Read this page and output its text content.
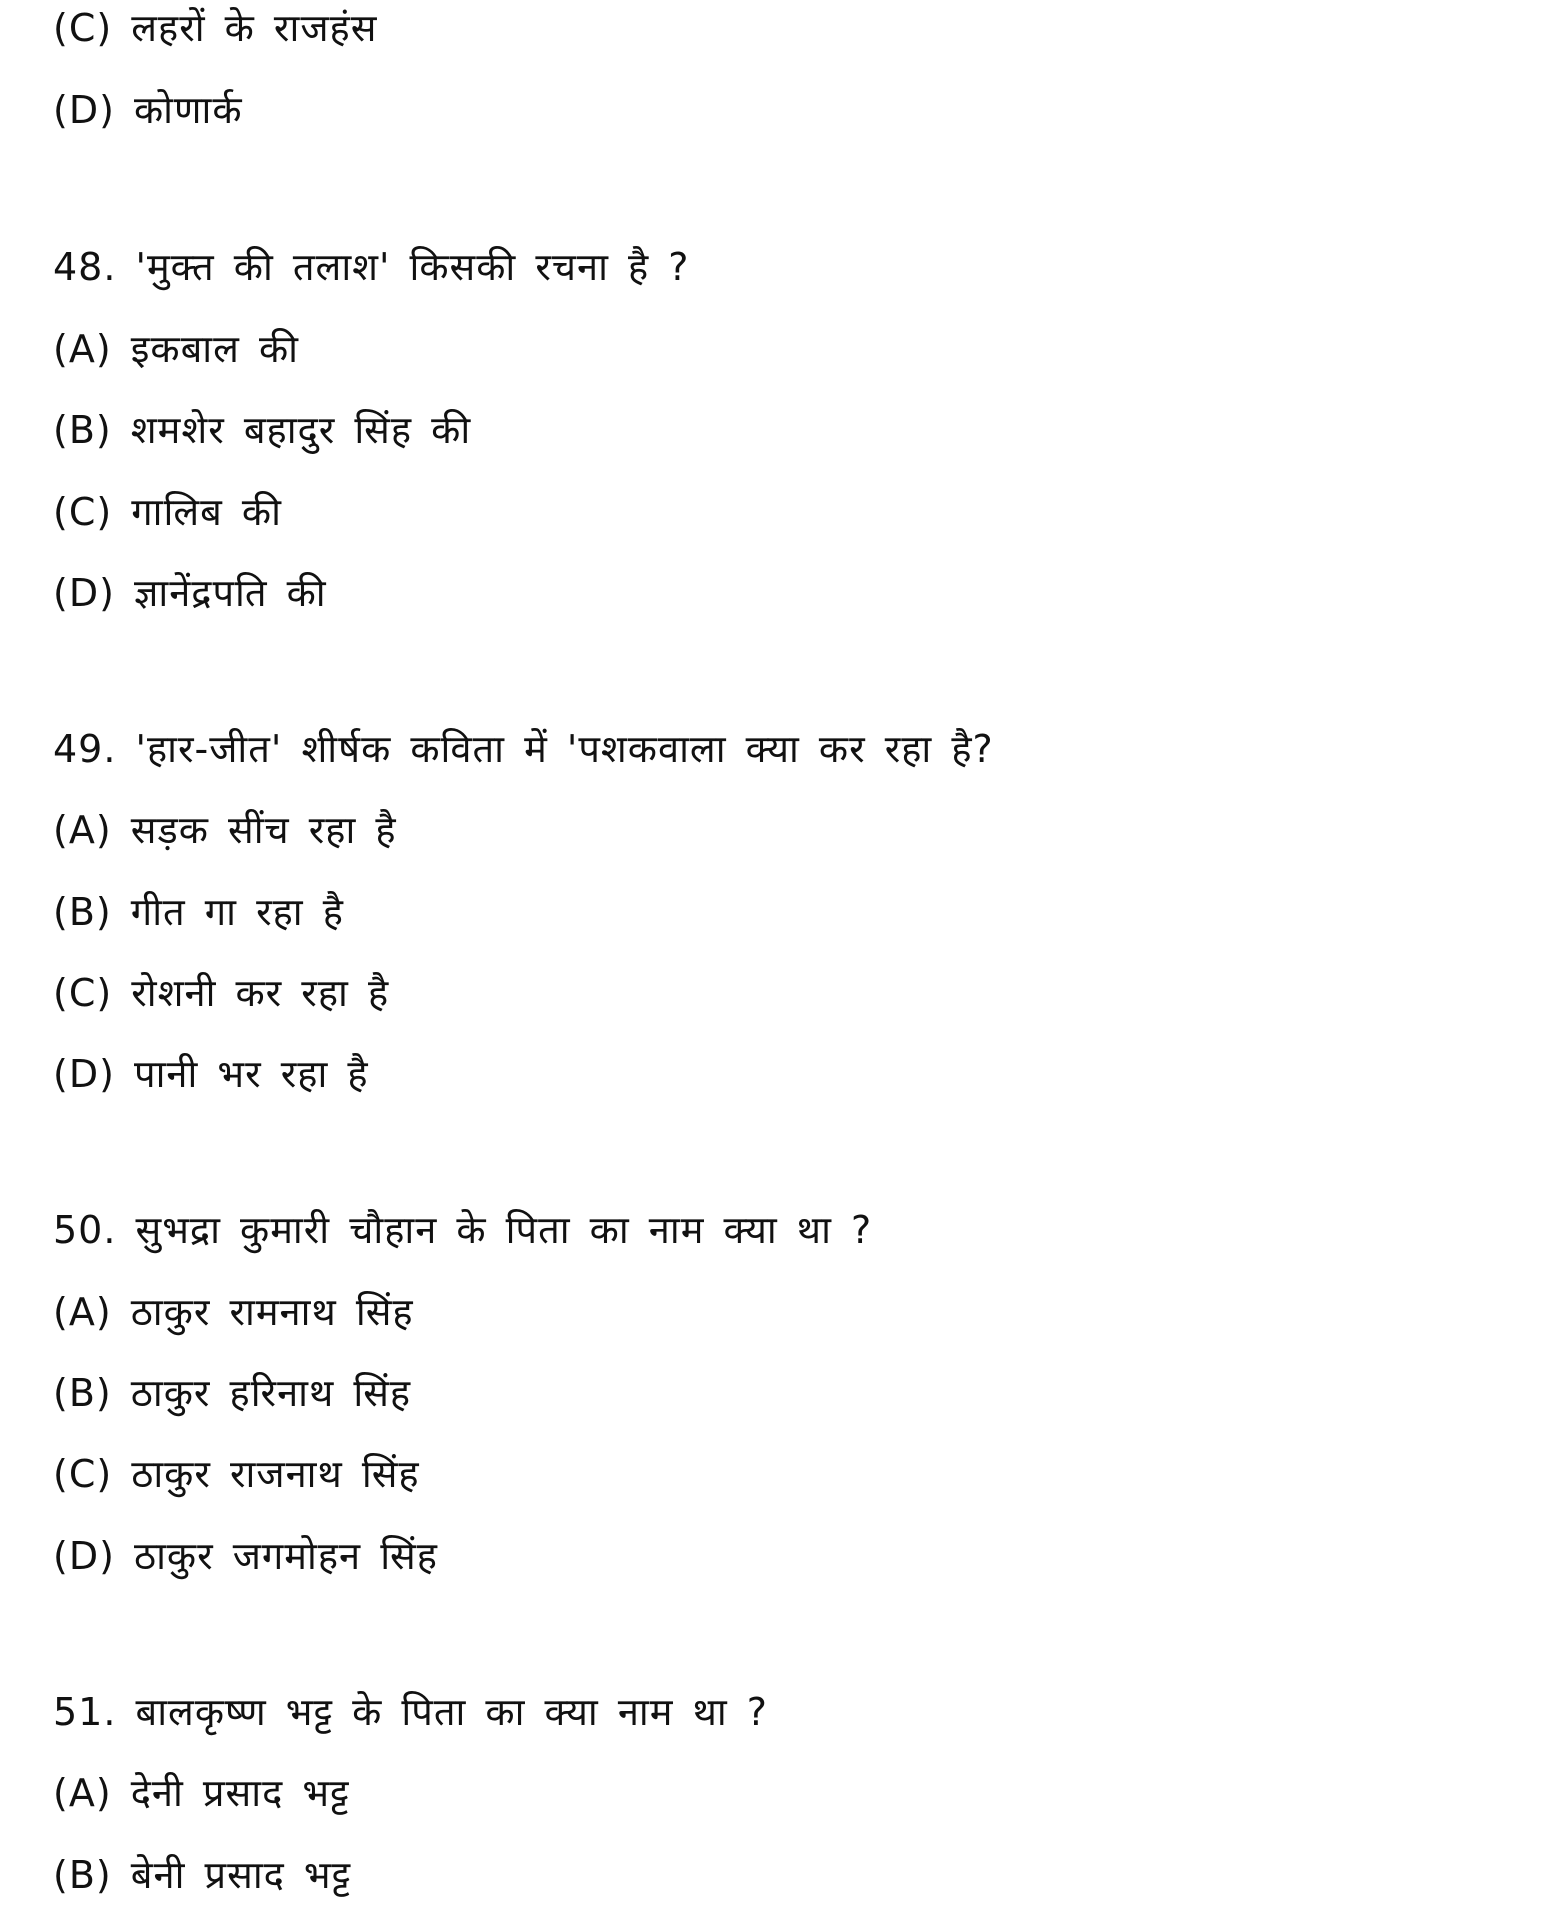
(C) लहरों के राजहंस
(D) कोणार्क
48. 'मुक्त की तलाश' किसकी रचना है ?
(A) इकबाल की
(B) शमशेर बहादुर सिंह की
(C) गालिब की
(D) ज्ञानेंद्रपति की
49. 'हार-जीत' शीर्षक कविता में 'पशकवाला क्या कर रहा है?
(A) सड़क सींच रहा है
(B) गीत गा रहा है
(C) रोशनी कर रहा है
(D) पानी भर रहा है
50. सुभद्रा कुमारी चौहान के पिता का नाम क्या था ?
(A) ठाकुर रामनाथ सिंह
(B) ठाकुर हरिनाथ सिंह
(C) ठाकुर राजनाथ सिंह
(D) ठाकुर जगमोहन सिंह
51. बालकृष्ण भट्ट के पिता का क्या नाम था ?
(A) देनी प्रसाद भट्ट
(B) बेनी प्रसाद भट्ट
